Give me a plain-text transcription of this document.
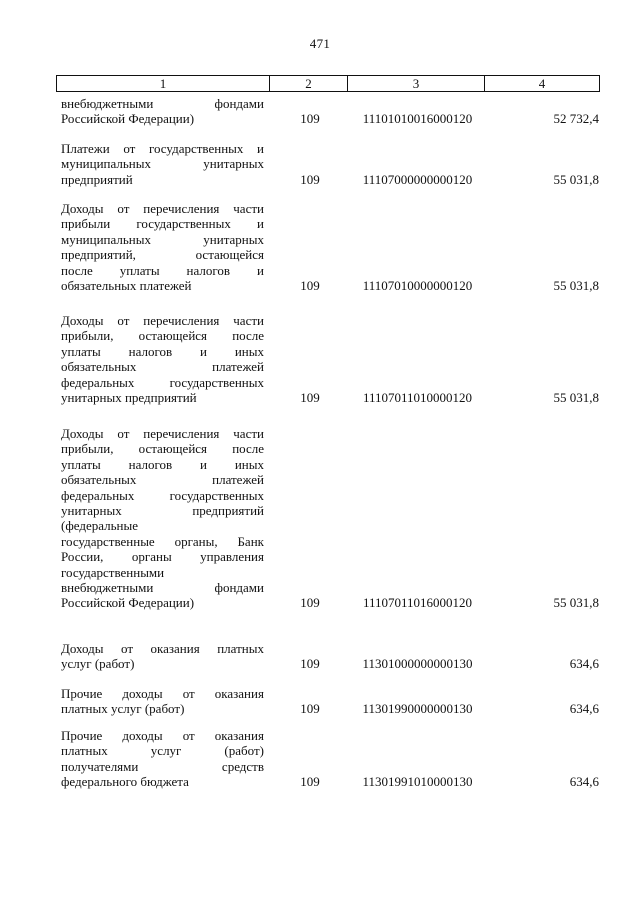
471
1	2	3	4
внебюджетными	фондами
Российской Федерации)	109	11101010016000120	52 732,4
Платежи от государственных и
муниципальных	унитарных
предприятий	109	11107000000000120	55 031,8
Доходы от перечисления части
прибыли государственных и
муниципальных	унитарных
предприятий,	остающейся
после уплаты налогов и
обязательных платежей	109	11107010000000120	55 031,8
Доходы от перечисления части
прибыли, остающейся после
уплаты налогов и иных
обязательных	платежей
федеральных	государственных
унитарных предприятий	109	11107011010000120	55 031,8
Доходы от перечисления части
прибыли, остающейся после
уплаты налогов и иных
обязательных	платежей
федеральных	государственных
унитарных	предприятий
(федеральные
государственные органы, Банк
России, органы управления
государственными
внебюджетными	фондами
Российской Федерации)	109	11107011016000120	55 031,8
Доходы от оказания платных
услуг (работ)	109	11301000000000130	634,6
Прочие доходы от оказания
платных услуг (работ)	109	11301990000000130	634,6
Прочие доходы от оказания
платных	услуг	(работ)
получателями	средств
федерального бюджета	109	11301991010000130	634,6
